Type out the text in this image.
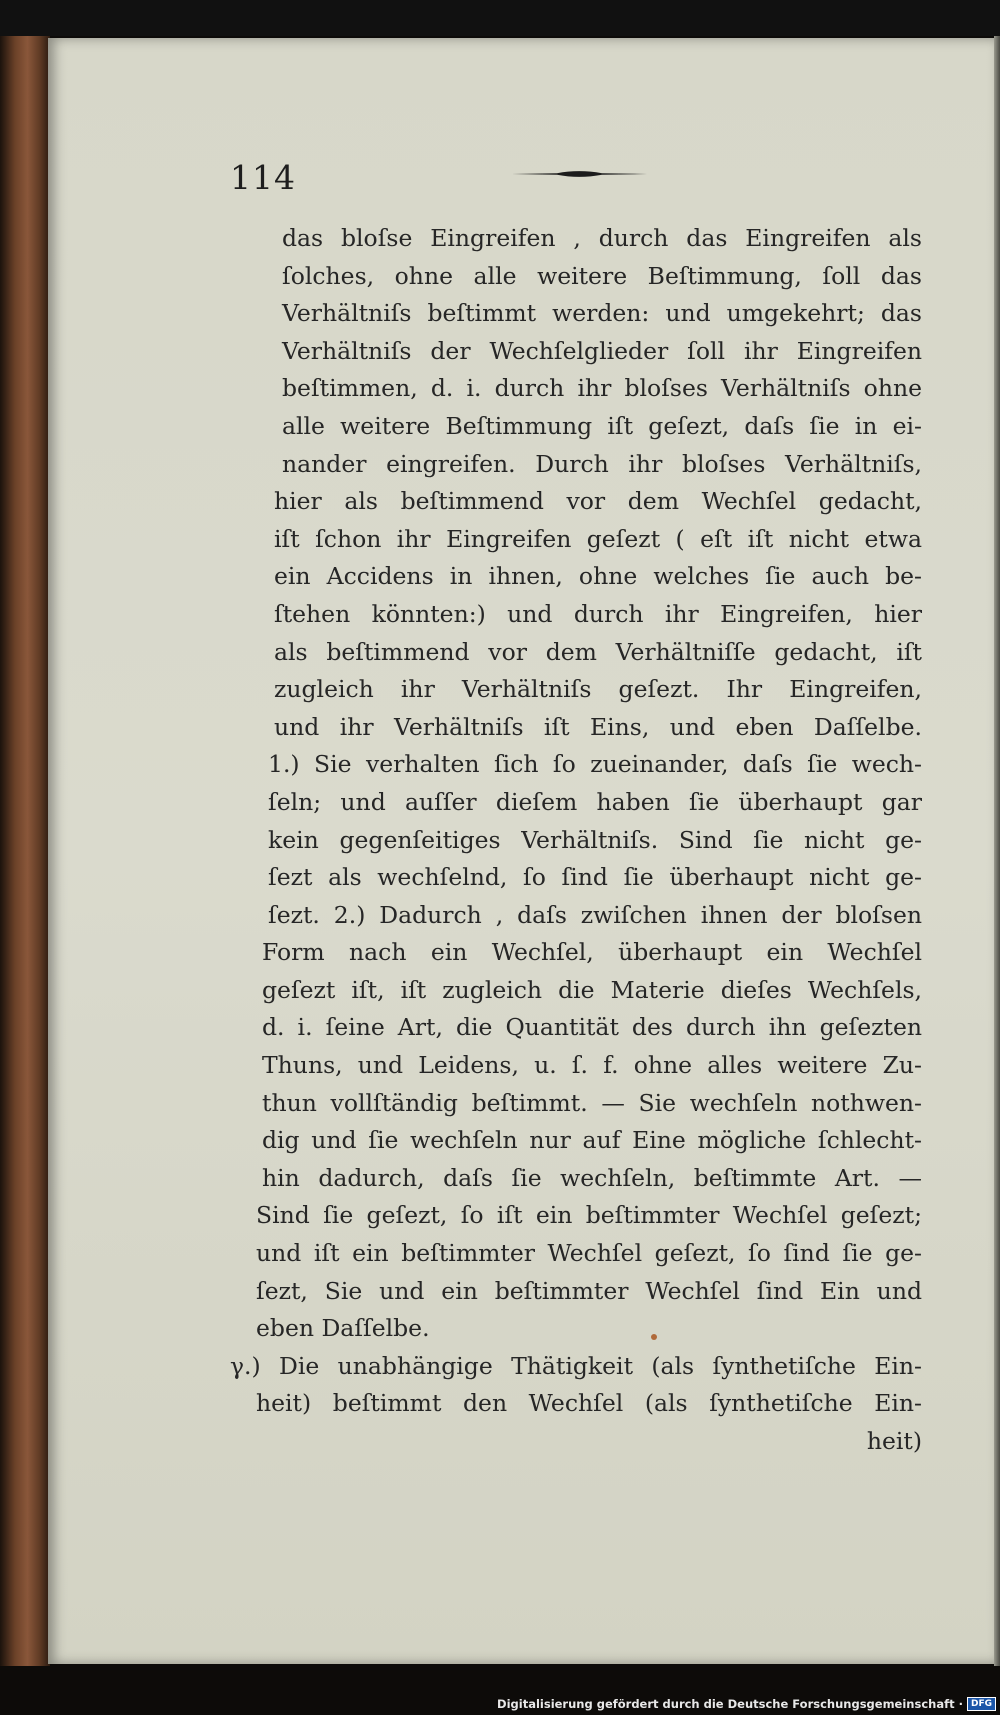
114
das bloſse Eingreifen , durch das Eingreifen als
ſolches, ohne alle weitere Beſtimmung, ſoll das
Verhältniſs beſtimmt werden: und umgekehrt; das
Verhältniſs der Wechſelglieder ſoll ihr Eingreifen
beſtimmen, d. i. durch ihr bloſses Verhältniſs ohne
alle weitere Beſtimmung iſt geſezt, daſs ſie in ei-
nander eingreifen. Durch ihr bloſses Verhältniſs,
hier als beſtimmend vor dem Wechſel gedacht,
iſt ſchon ihr Eingreifen geſezt ( eſt iſt nicht etwa
ein Accidens in ihnen, ohne welches ſie auch be-
ſtehen könnten:) und durch ihr Eingreifen, hier
als beſtimmend vor dem Verhältniſſe gedacht, iſt
zugleich ihr Verhältniſs geſezt. Ihr Eingreifen,
und ihr Verhältniſs iſt Eins, und eben Daſſelbe.
1.) Sie verhalten ſich ſo zueinander, daſs ſie wech-
ſeln; und auſſer dieſem haben ſie überhaupt gar
kein gegenſeitiges Verhältniſs. Sind ſie nicht ge-
ſezt als wechſelnd, ſo ſind ſie überhaupt nicht ge-
ſezt. 2.) Dadurch , daſs zwiſchen ihnen der bloſsen
Form nach ein Wechſel, überhaupt ein Wechſel
geſezt iſt, iſt zugleich die Materie dieſes Wechſels,
d. i. ſeine Art, die Quantität des durch ihn geſezten
Thuns, und Leidens, u. ſ. f. ohne alles weitere Zu-
thun vollſtändig beſtimmt. — Sie wechſeln nothwen-
dig und ſie wechſeln nur auf Eine mögliche ſchlecht-
hin dadurch, daſs ſie wechſeln, beſtimmte Art. —
Sind ſie geſezt, ſo iſt ein beſtimmter Wechſel geſezt;
und iſt ein beſtimmter Wechſel geſezt, ſo ſind ſie ge-
ſezt, Sie und ein beſtimmter Wechſel ſind Ein und
eben Daſſelbe.
γ.) Die unabhängige Thätigkeit (als ſynthetiſche Ein-
heit) beſtimmt den Wechſel (als ſynthetiſche Ein-
heit)
Digitalisierung gefördert durch die Deutsche Forschungsgemeinschaft · DFG
